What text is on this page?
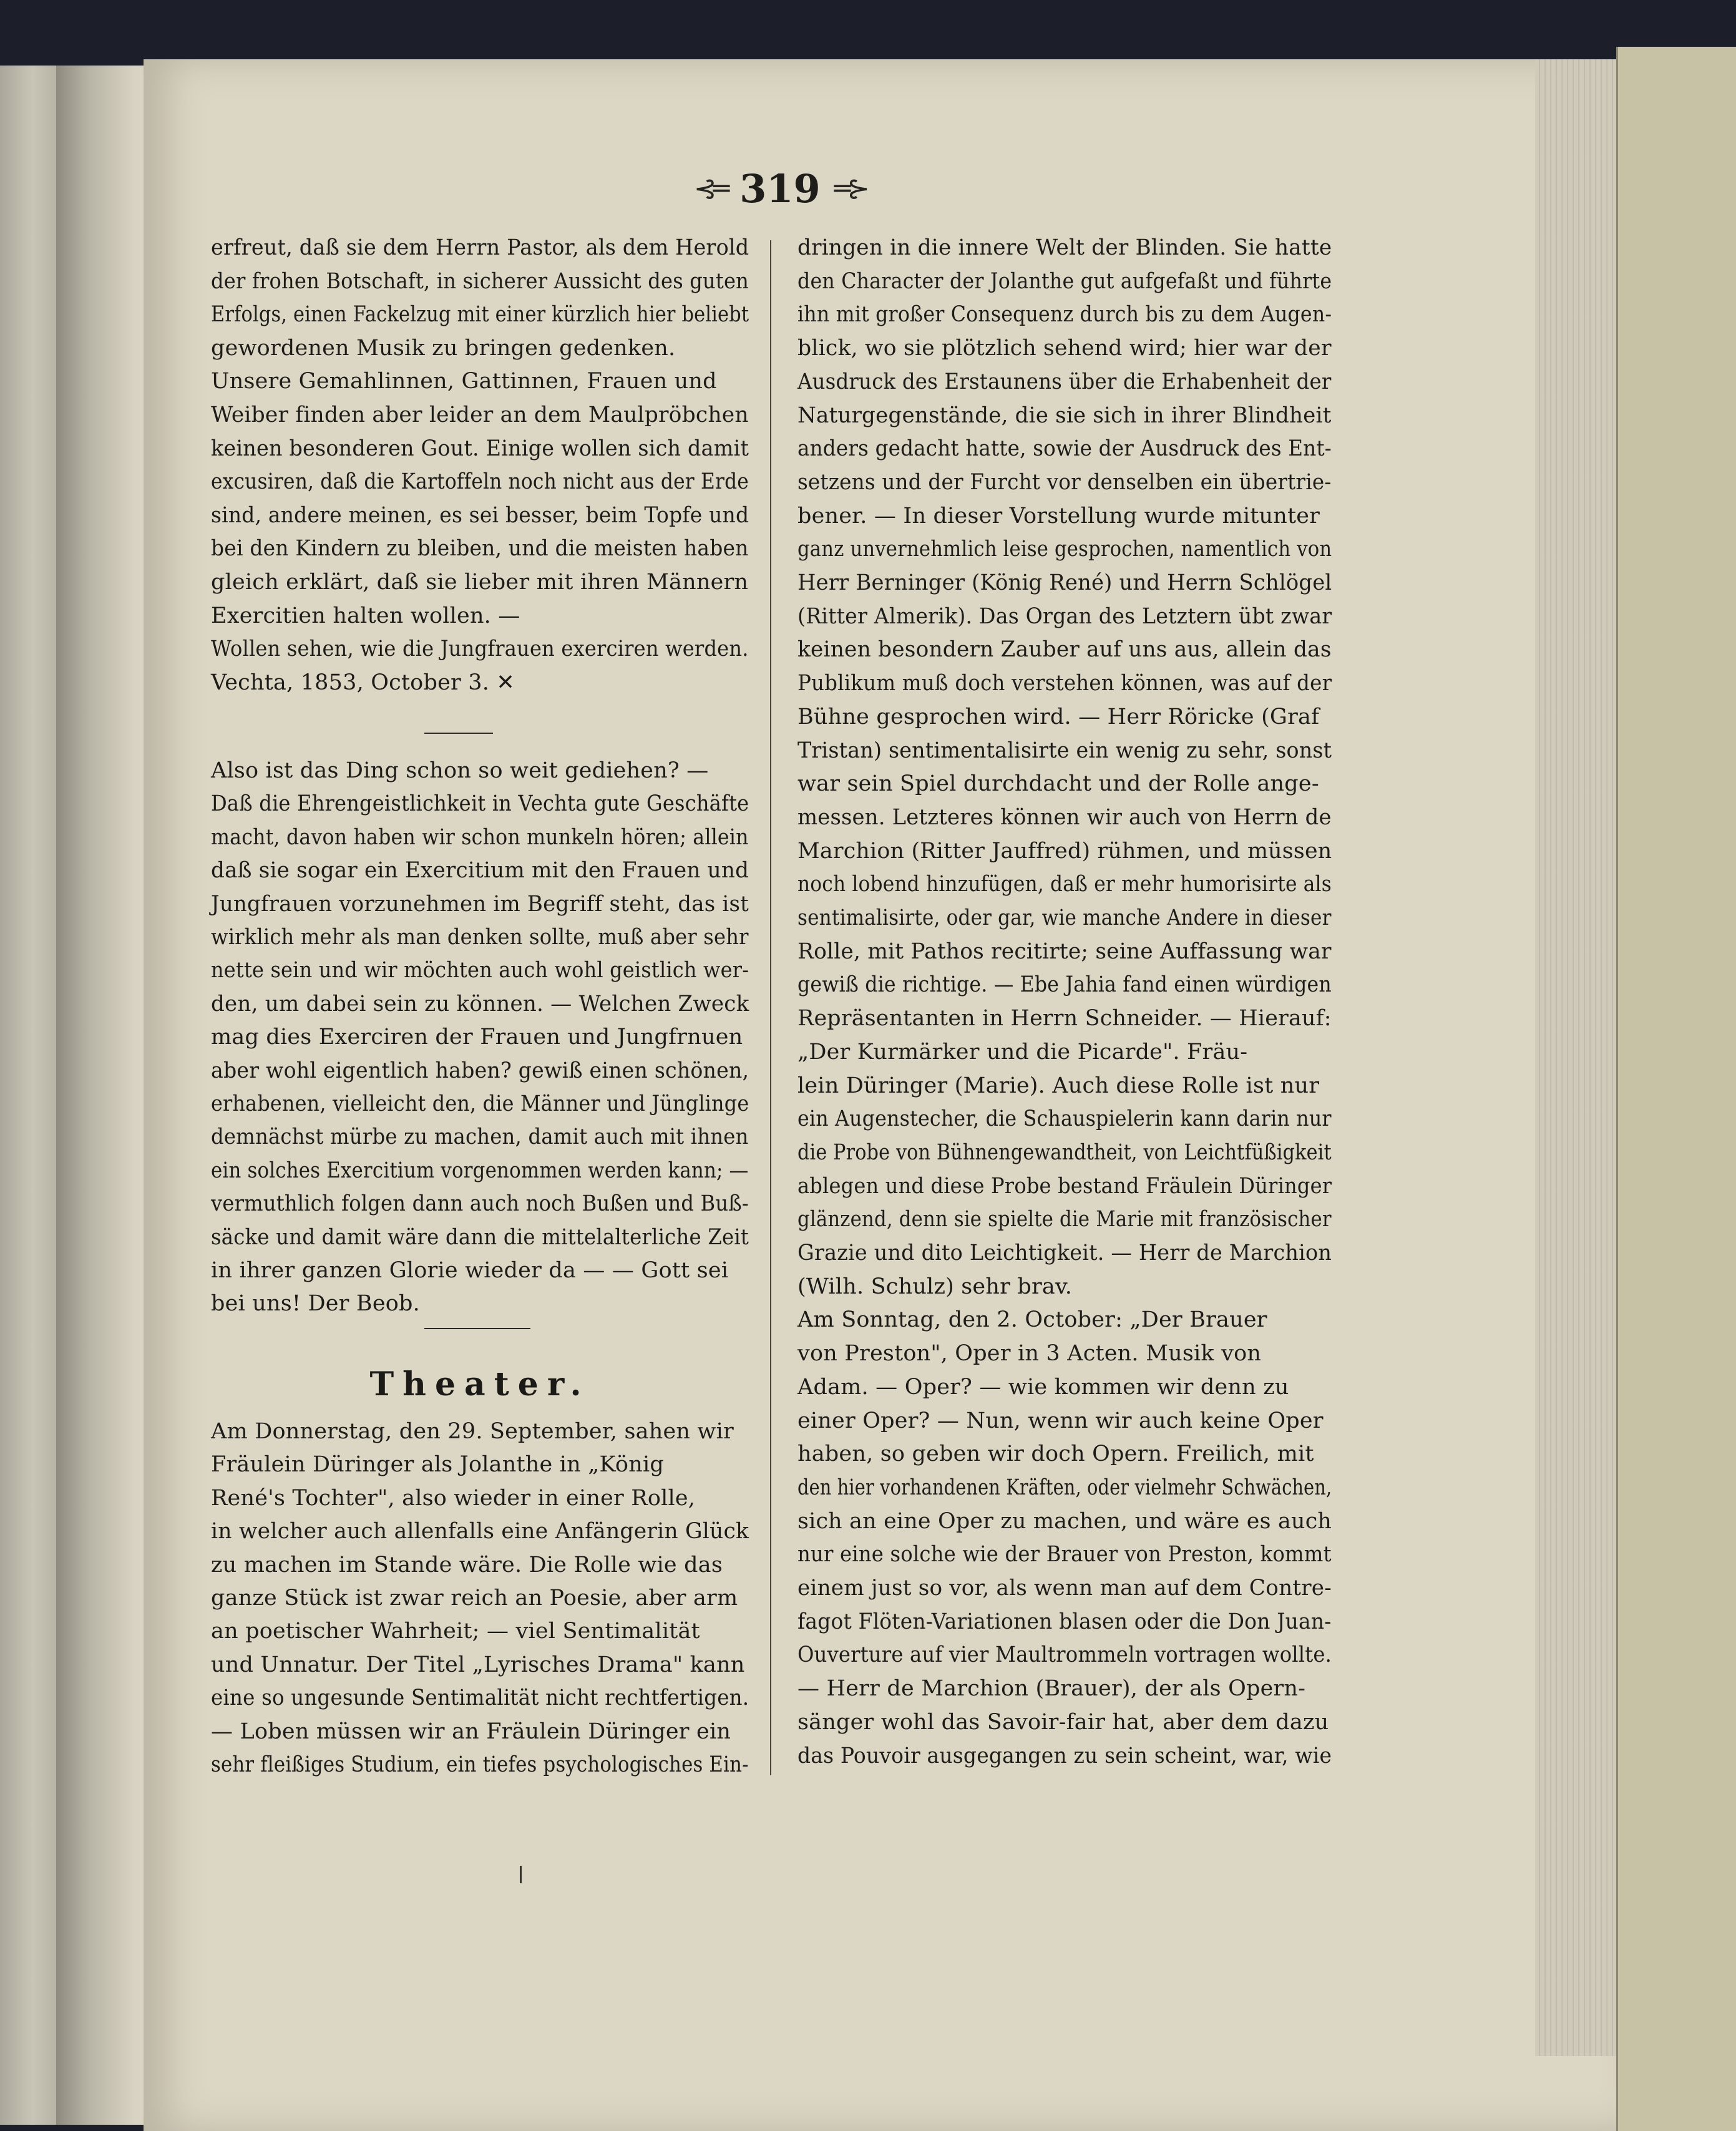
⊰═ 319 ═⊱
erfreut, daß sie dem Herrn Pastor, als dem Herold
der frohen Botschaft, in sicherer Aussicht des guten
Erfolgs, einen Fackelzug mit einer kürzlich hier beliebt
gewordenen Musik zu bringen gedenken.
Unsere Gemahlinnen, Gattinnen, Frauen und
Weiber finden aber leider an dem Maulpröbchen
keinen besonderen Gout. Einige wollen sich damit
excusiren, daß die Kartoffeln noch nicht aus der Erde
sind, andere meinen, es sei besser, beim Topfe und
bei den Kindern zu bleiben, und die meisten haben
gleich erklärt, daß sie lieber mit ihren Männern
Exercitien halten wollen. —
Wollen sehen, wie die Jungfrauen exerciren werden.
Vechta, 1853, October 3. ✕
Also ist das Ding schon so weit gediehen? —
Daß die Ehrengeistlichkeit in Vechta gute Geschäfte
macht, davon haben wir schon munkeln hören; allein
daß sie sogar ein Exercitium mit den Frauen und
Jungfrauen vorzunehmen im Begriff steht, das ist
wirklich mehr als man denken sollte, muß aber sehr
nette sein und wir möchten auch wohl geistlich wer-
den, um dabei sein zu können. — Welchen Zweck
mag dies Exerciren der Frauen und Jungfrnuen
aber wohl eigentlich haben? gewiß einen schönen,
erhabenen, vielleicht den, die Männer und Jünglinge
demnächst mürbe zu machen, damit auch mit ihnen
ein solches Exercitium vorgenommen werden kann; —
vermuthlich folgen dann auch noch Bußen und Buß-
säcke und damit wäre dann die mittelalterliche Zeit
in ihrer ganzen Glorie wieder da — — Gott sei
bei uns! Der Beob.
Am Donnerstag, den 29. September, sahen wir
Fräulein Düringer als Jolanthe in „König
René's Tochter", also wieder in einer Rolle,
in welcher auch allenfalls eine Anfängerin Glück
zu machen im Stande wäre. Die Rolle wie das
ganze Stück ist zwar reich an Poesie, aber arm
an poetischer Wahrheit; — viel Sentimalität
und Unnatur. Der Titel „Lyrisches Drama" kann
eine so ungesunde Sentimalität nicht rechtfertigen.
— Loben müssen wir an Fräulein Düringer ein
sehr fleißiges Studium, ein tiefes psychologisches Ein-
dringen in die innere Welt der Blinden. Sie hatte
den Character der Jolanthe gut aufgefaßt und führte
ihn mit großer Consequenz durch bis zu dem Augen-
blick, wo sie plötzlich sehend wird; hier war der
Ausdruck des Erstaunens über die Erhabenheit der
Naturgegenstände, die sie sich in ihrer Blindheit
anders gedacht hatte, sowie der Ausdruck des Ent-
setzens und der Furcht vor denselben ein übertrie-
bener. — In dieser Vorstellung wurde mitunter
ganz unvernehmlich leise gesprochen, namentlich von
Herr Berninger (König René) und Herrn Schlögel
(Ritter Almerik). Das Organ des Letztern übt zwar
keinen besondern Zauber auf uns aus, allein das
Publikum muß doch verstehen können, was auf der
Bühne gesprochen wird. — Herr Röricke (Graf
Tristan) sentimentalisirte ein wenig zu sehr, sonst
war sein Spiel durchdacht und der Rolle ange-
messen. Letzteres können wir auch von Herrn de
Marchion (Ritter Jauffred) rühmen, und müssen
noch lobend hinzufügen, daß er mehr humorisirte als
sentimalisirte, oder gar, wie manche Andere in dieser
Rolle, mit Pathos recitirte; seine Auffassung war
gewiß die richtige. — Ebe Jahia fand einen würdigen
Repräsentanten in Herrn Schneider. — Hierauf:
„Der Kurmärker und die Picarde". Fräu-
lein Düringer (Marie). Auch diese Rolle ist nur
ein Augenstecher, die Schauspielerin kann darin nur
die Probe von Bühnengewandtheit, von Leichtfüßigkeit
ablegen und diese Probe bestand Fräulein Düringer
glänzend, denn sie spielte die Marie mit französischer
Grazie und dito Leichtigkeit. — Herr de Marchion
(Wilh. Schulz) sehr brav.
Am Sonntag, den 2. October: „Der Brauer
von Preston", Oper in 3 Acten. Musik von
Adam. — Oper? — wie kommen wir denn zu
einer Oper? — Nun, wenn wir auch keine Oper
haben, so geben wir doch Opern. Freilich, mit
den hier vorhandenen Kräften, oder vielmehr Schwächen,
sich an eine Oper zu machen, und wäre es auch
nur eine solche wie der Brauer von Preston, kommt
einem just so vor, als wenn man auf dem Contre-
fagot Flöten-Variationen blasen oder die Don Juan-
Ouverture auf vier Maultrommeln vortragen wollte.
— Herr de Marchion (Brauer), der als Opern-
sänger wohl das Savoir-fair hat, aber dem dazu
das Pouvoir ausgegangen zu sein scheint, war, wie
Theater.
